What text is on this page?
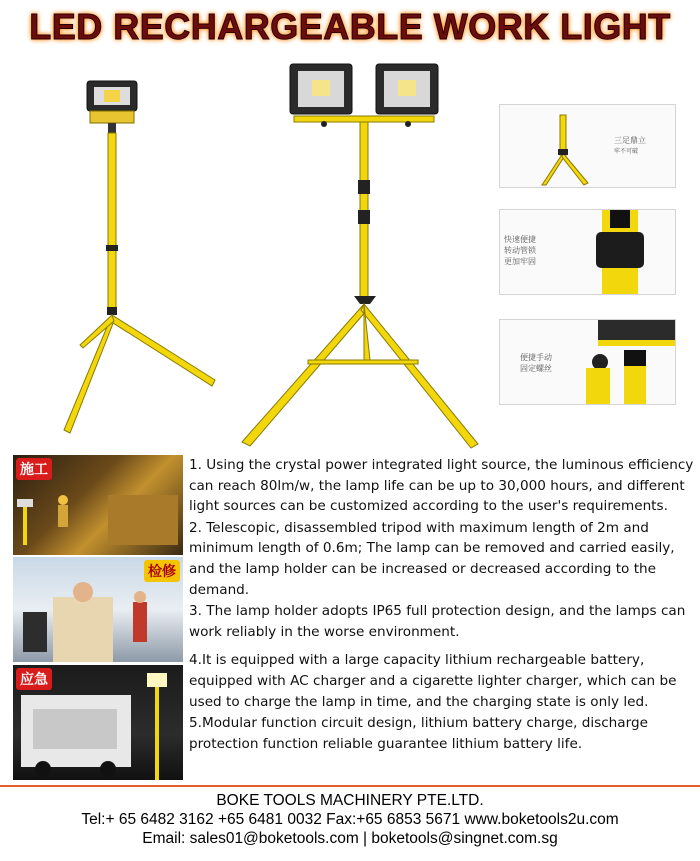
LED RECHARGEABLE WORK LIGHT
三足鼎立
牢不可破
快速便捷
转动管锁
更加牢固
便捷手动
固定螺丝
施工
检修
应急

1. Using the crystal power integrated light source, the luminous efficiency can reach 80lm/w, the lamp life can be up to 30,000 hours, and different light sources can be customized according to the user's requirements.

2. Telescopic, disassembled tripod with maximum length of 2m and minimum length of 0.6m; The lamp can be removed and carried easily, and the lamp holder can be increased or decreased according to the demand.

3. The lamp holder adopts IP65 full protection design, and the lamps can work reliably in the worse environment.

4.It is equipped with a large capacity lithium rechargeable battery, equipped with AC charger and a cigarette lighter charger, which can be used to charge the lamp in time, and the charging state is only led.

5.Modular function circuit design, lithium battery charge, discharge protection function reliable guarantee lithium battery life.

BOKE TOOLS MACHINERY PTE.LTD.
Tel:+ 65 6482 3162 +65 6481 0032 Fax:+65 6853 5671 www.boketools2u.com
Email: sales01@boketools.com | boketools@singnet.com.sg
